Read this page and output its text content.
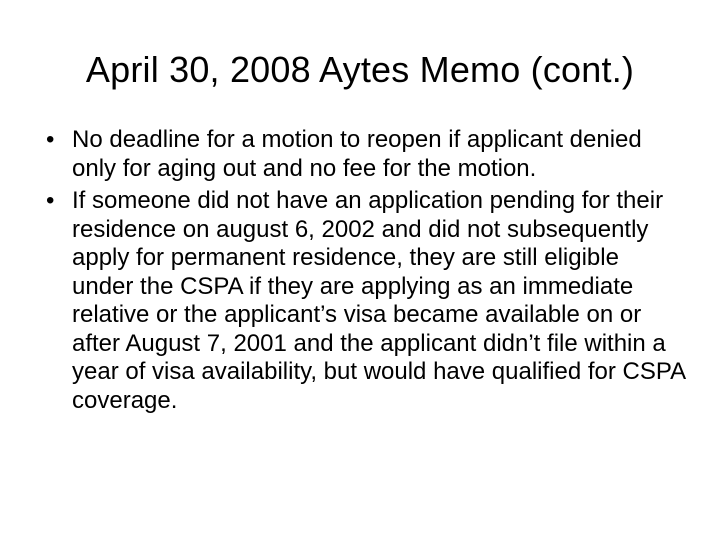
April 30, 2008 Aytes Memo (cont.)
• No deadline for a motion to reopen if applicant denied only for aging out and no fee for the motion.
• If someone did not have an application pending for their residence on august 6, 2002 and did not subsequently apply for permanent residence, they are still eligible under the CSPA if they are applying as an immediate relative or the applicant’s visa became available on or after August 7, 2001 and the applicant didn’t file within a year of visa availability, but would have qualified for CSPA coverage.
